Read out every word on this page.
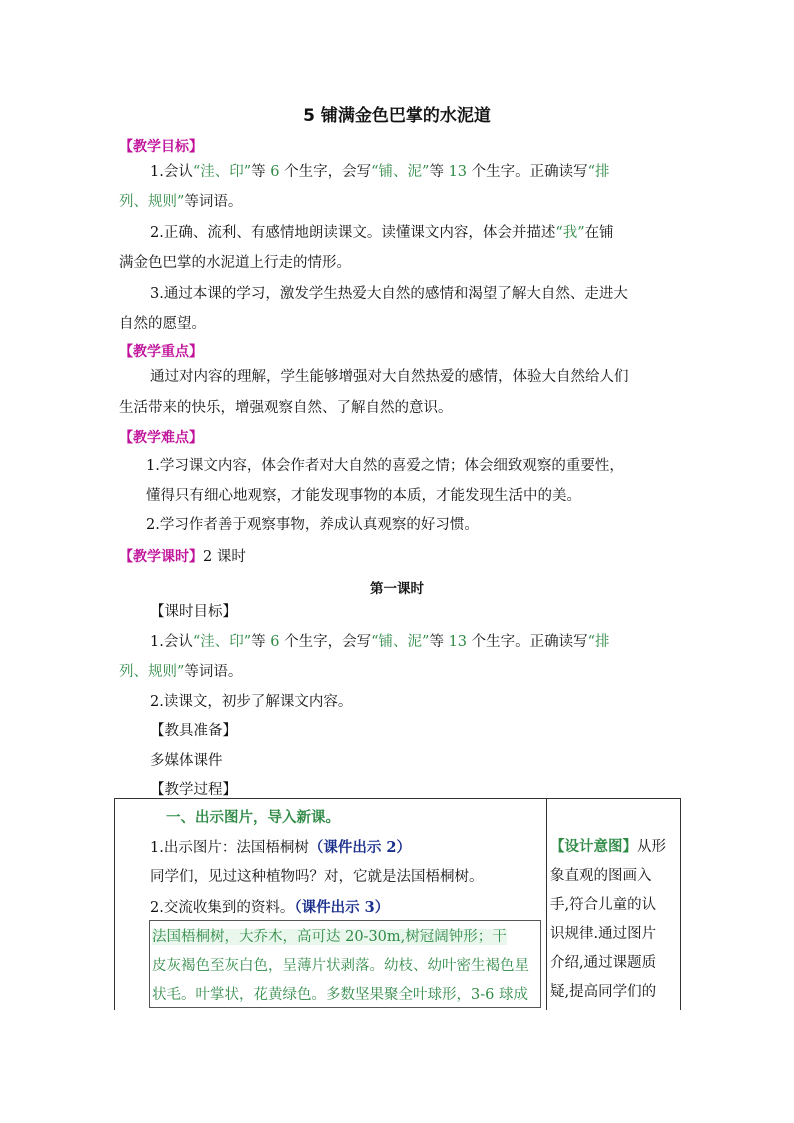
5 铺满金色巴掌的水泥道
【教学目标】
1.会认“洼、印”等 6 个生字，会写“铺、泥”等 13 个生字。正确读写“排
列、规则”等词语。
2.正确、流利、有感情地朗读课文。读懂课文内容，体会并描述“我”在铺
满金色巴掌的水泥道上行走的情形。
3.通过本课的学习，激发学生热爱大自然的感情和渴望了解大自然、走进大
自然的愿望。
【教学重点】
通过对内容的理解，学生能够增强对大自然热爱的感情，体验大自然给人们
生活带来的快乐，增强观察自然、了解自然的意识。
【教学难点】
1.学习课文内容，体会作者对大自然的喜爱之情；体会细致观察的重要性，
懂得只有细心地观察，才能发现事物的本质，才能发现生活中的美。
2.学习作者善于观察事物，养成认真观察的好习惯。
【教学课时】2 课时
第一课时
【课时目标】
1.会认“洼、印”等 6 个生字，会写“铺、泥”等 13 个生字。正确读写“排
列、规则”等词语。
2.读课文，初步了解课文内容。
【教具准备】
多媒体课件
【教学过程】
一、出示图片，导入新课。
1.出示图片：法国梧桐树（课件出示 2）
同学们，见过这种植物吗？对，它就是法国梧桐树。
2.交流收集到的资料。（课件出示 3）
法国梧桐树，大乔木，高可达 20-30m,树冠阔钟形；干
皮灰褐色至灰白色，呈薄片状剥落。幼枝、幼叶密生褐色星
状毛。叶掌状，花黄绿色。多数坚果聚全叶球形，3-6 球成
【设计意图】从形
象直观的图画入
手,符合儿童的认
识规律.通过图片
介绍,通过课题质
疑,提高同学们的
